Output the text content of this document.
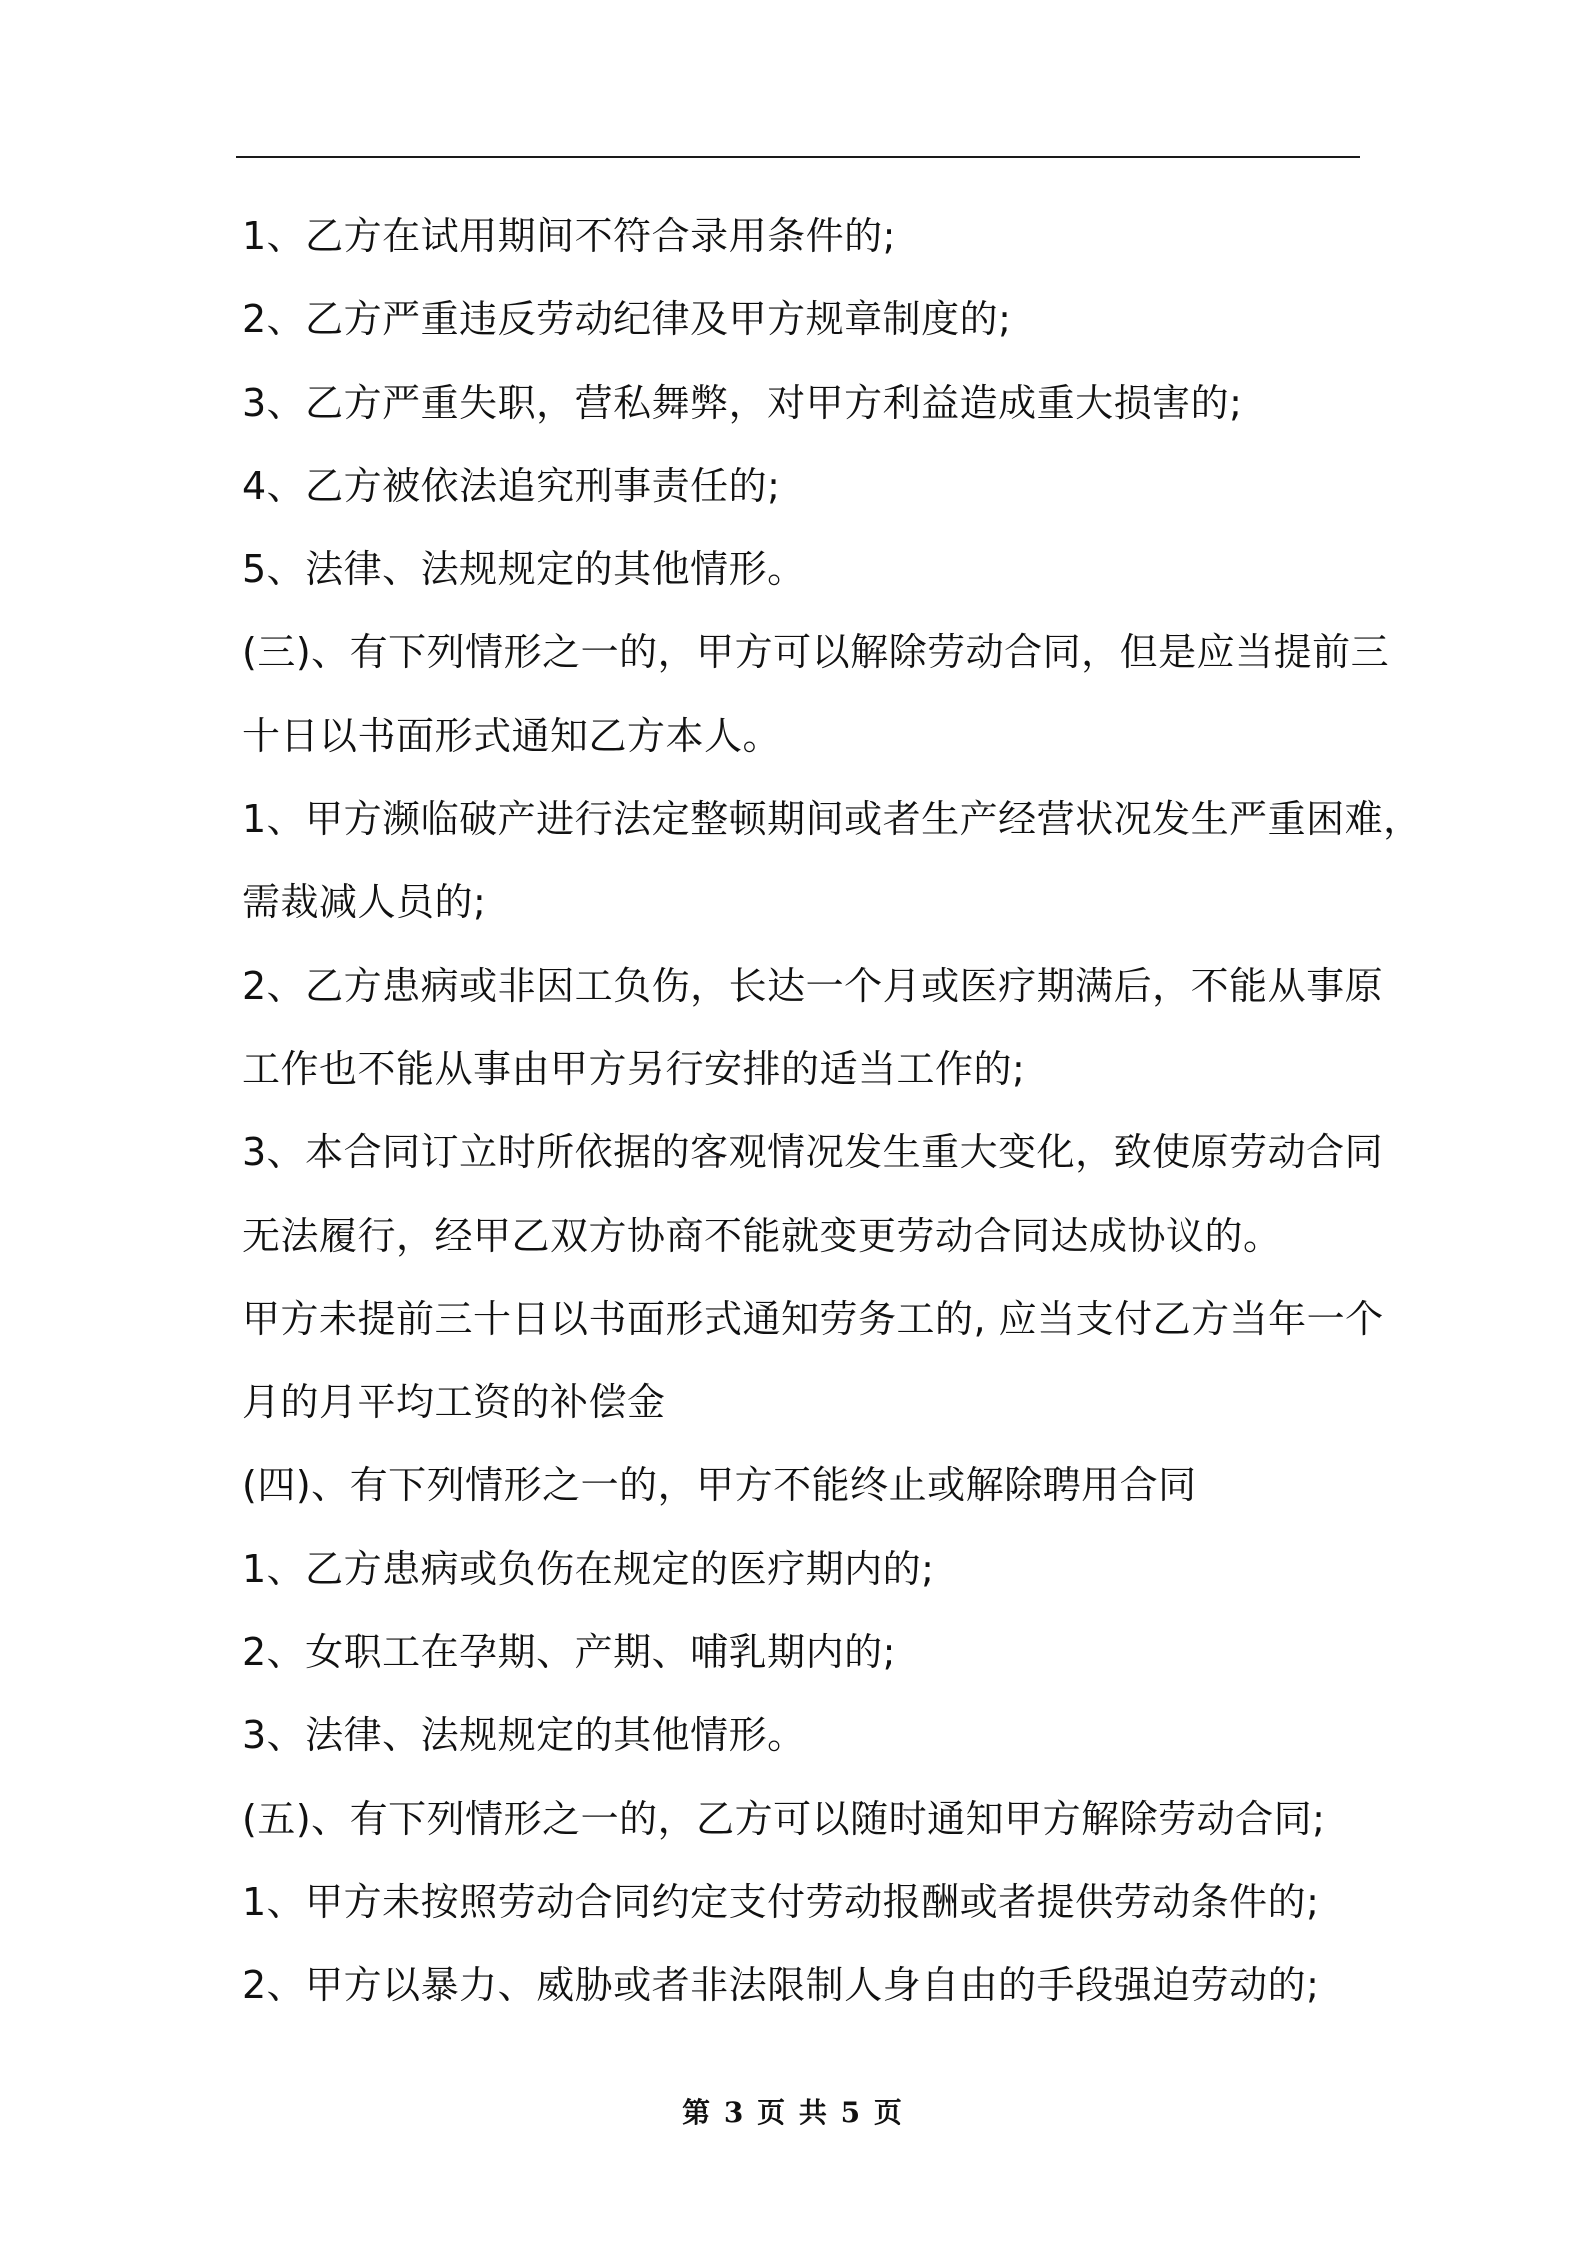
1、乙方在试用期间不符合录用条件的;
2、乙方严重违反劳动纪律及甲方规章制度的;
3、乙方严重失职，营私舞弊，对甲方利益造成重大损害的;
4、乙方被依法追究刑事责任的;
5、法律、法规规定的其他情形。
(三)、有下列情形之一的，甲方可以解除劳动合同，但是应当提前三
十日以书面形式通知乙方本人。
1、甲方濒临破产进行法定整顿期间或者生产经营状况发生严重困难，
需裁减人员的;
2、乙方患病或非因工负伤，长达一个月或医疗期满后，不能从事原
工作也不能从事由甲方另行安排的适当工作的;
3、本合同订立时所依据的客观情况发生重大变化，致使原劳动合同
无法履行，经甲乙双方协商不能就变更劳动合同达成协议的。
甲方未提前三十日以书面形式通知劳务工的, 应当支付乙方当年一个
月的月平均工资的补偿金
(四)、有下列情形之一的，甲方不能终止或解除聘用合同
1、乙方患病或负伤在规定的医疗期内的;
2、女职工在孕期、产期、哺乳期内的;
3、法律、法规规定的其他情形。
(五)、有下列情形之一的，乙方可以随时通知甲方解除劳动合同;
1、甲方未按照劳动合同约定支付劳动报酬或者提供劳动条件的;
2、甲方以暴力、威胁或者非法限制人身自由的手段强迫劳动的;
第 3 页 共 5 页
